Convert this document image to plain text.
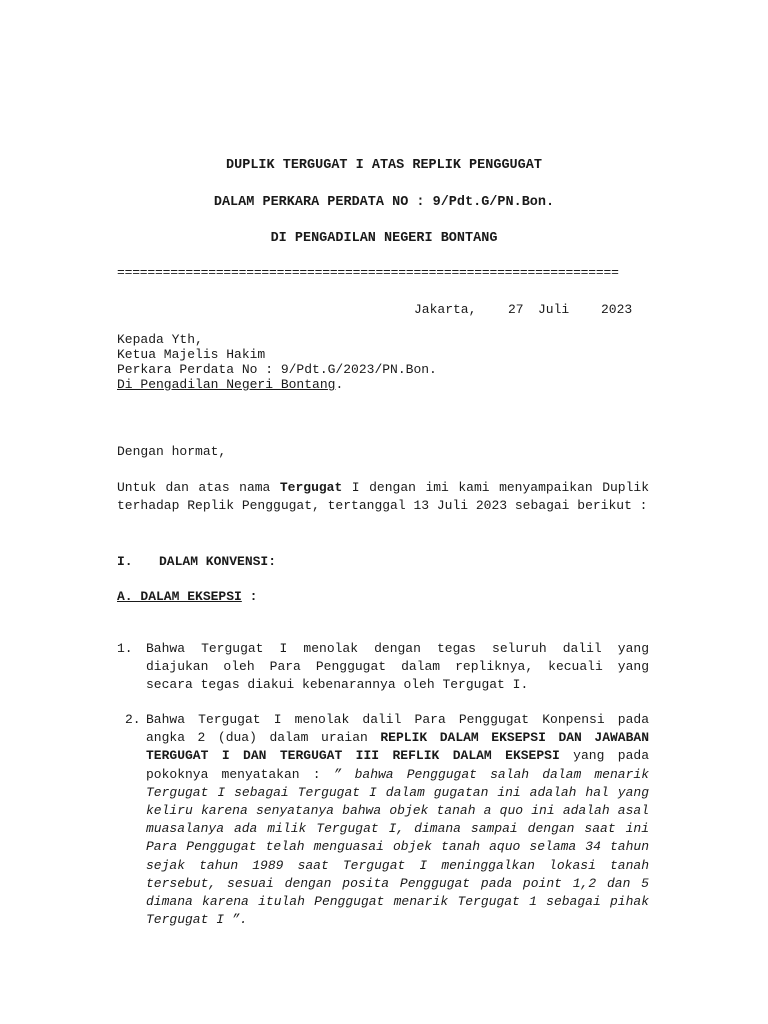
DUPLIK TERGUGAT I ATAS REPLIK PENGGUGAT
DALAM PERKARA PERDATA NO : 9/Pdt.G/PN.Bon.
DI PENGADILAN NEGERI BONTANG
==================================================================
Jakarta, 27 Juli 2023
Kepada Yth,
Ketua Majelis Hakim
Perkara Perdata No : 9/Pdt.G/2023/PN.Bon.
Di Pengadilan Negeri Bontang.
Dengan hormat,
Untuk dan atas nama Tergugat I dengan imi kami menyampaikan Duplik terhadap Replik Penggugat, tertanggal 13 Juli 2023 sebagai berikut :
I. DALAM KONVENSI:
A. DALAM EKSEPSI :
1. Bahwa Tergugat I menolak dengan tegas seluruh dalil yang diajukan oleh Para Penggugat dalam repliknya, kecuali yang secara tegas diakui kebenarannya oleh Tergugat I.
2. Bahwa Tergugat I menolak dalil Para Penggugat Konpensi pada angka 2 (dua) dalam uraian REPLIK DALAM EKSEPSI DAN JAWABAN TERGUGAT I DAN TERGUGAT III REFLIK DALAM EKSEPSI yang pada pokoknya menyatakan : ” bahwa Penggugat salah dalam menarik Tergugat I sebagai Tergugat I dalam gugatan ini adalah hal yang keliru karena senyatanya bahwa objek tanah a quo ini adalah asal muasalanya ada milik Tergugat I, dimana sampai dengan saat ini Para Penggugat telah menguasai objek tanah aquo selama 34 tahun sejak tahun 1989 saat Tergugat I meninggalkan lokasi tanah tersebut, sesuai dengan posita Penggugat pada point 1,2 dan 5 dimana karena itulah Penggugat menarik Tergugat 1 sebagai pihak Tergugat I ”.
